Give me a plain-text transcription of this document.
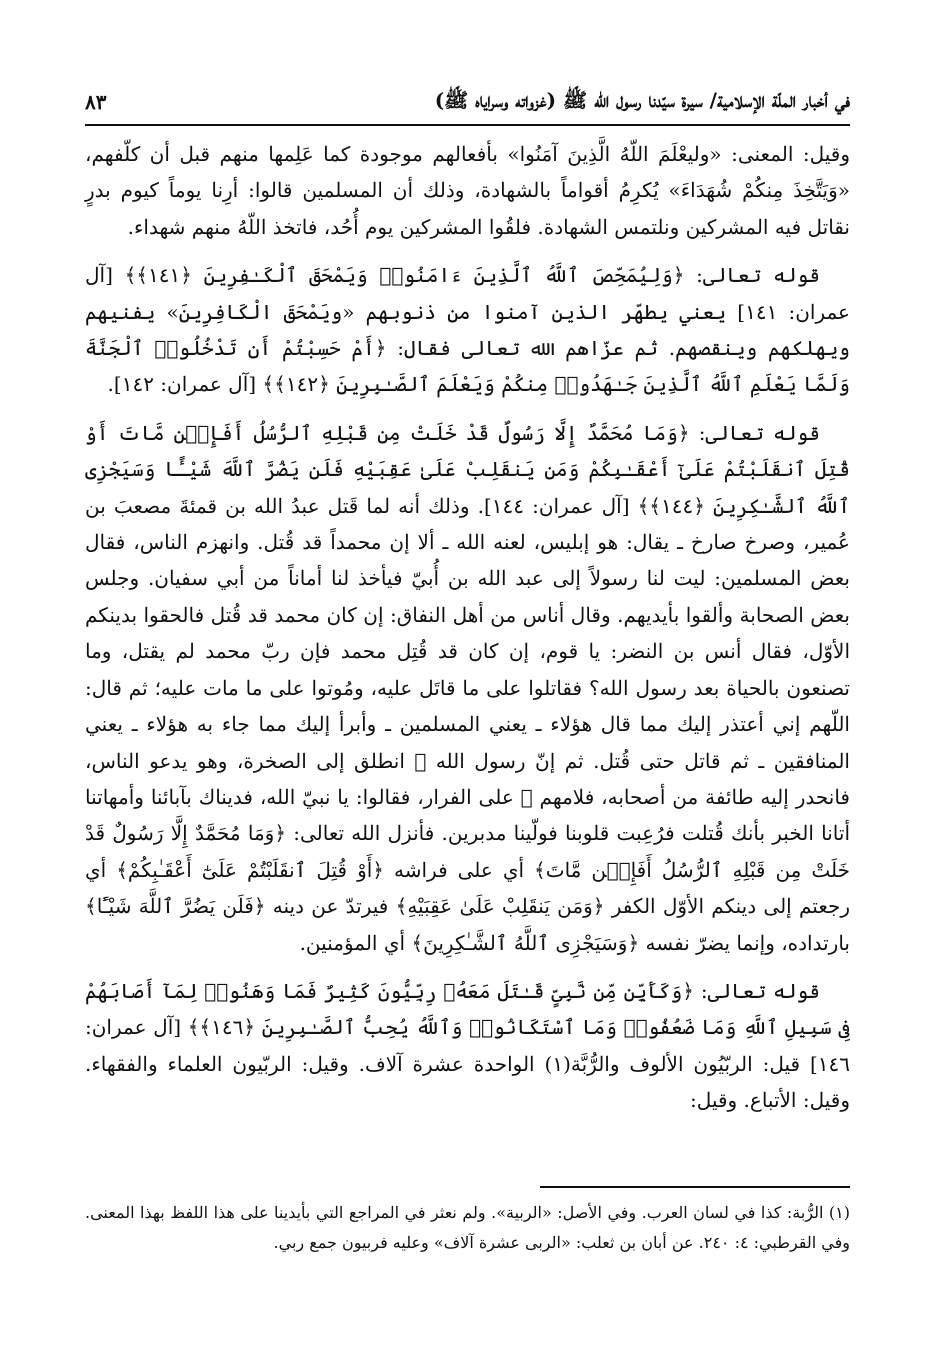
في أخبار الملّة الإسلامية/ سيرة سيّدنا رسول الله ﷺ (غزواته وسراياه ﷺ)
٨٣

وقيل: المعنى: «وليعْلَمَ اللّهُ الَّذِينَ آمَنُوا» بأفعالهم موجودة كما عَلِمها منهم قبل أن كلّفهم، «وَيَتَّخِذَ مِنكُمْ شُهَدَاءَ» يُكرِمُ أقواماً بالشهادة، وذلك أن المسلمين قالوا: أرِنا يوماً كيوم بدرٍ نقاتل فيه المشركين ونلتمس الشهادة. فلقُوا المشركين يوم أُحُد، فاتخذ اللّهُ منهم شهداء.

قوله تعالى: ﴿وَلِيُمَحِّصَ ٱللَّهُ ٱلَّذِينَ ءَامَنُوا۟ وَيَمْحَقَ ٱلْكَـٰفِرِينَ ﴿١٤١﴾﴾ [آل عمران: ١٤١] يعني يطهّر الذين آمنوا من ذنوبهم «ويَمْحَقَ الْكَافِرِينَ» يفنيهم ويهلكهم وينقصهم. ثم عزّاهم الله تعالى فقال: ﴿أَمْ حَسِبْتُمْ أَن تَدْخُلُوا۟ ٱلْجَنَّةَ وَلَمَّا يَعْلَمِ ٱللَّهُ ٱلَّذِينَ جَـٰهَدُوا۟ مِنكُمْ وَيَعْلَمَ ٱلصَّـٰبِرِينَ ﴿١٤٢﴾﴾ [آل عمران: ١٤٢].

قوله تعالى: ﴿وَمَا مُحَمَّدٌ إِلَّا رَسُولٌ قَدْ خَلَتْ مِن قَبْلِهِ ٱلرُّسُلُ أَفَإِي۟ن مَّاتَ أَوْ قُتِلَ ٱنقَلَبْتُمْ عَلَىٰٓ أَعْقَـٰبِكُمْ وَمَن يَنقَلِبْ عَلَىٰ عَقِبَيْهِ فَلَن يَضُرَّ ٱللَّهَ شَيْـًٔا وَسَيَجْزِى ٱللَّهُ ٱلشَّـٰكِرِينَ ﴿١٤٤﴾﴾ [آل عمران: ١٤٤]. وذلك أنه لما قَتل عبدُ الله بن قمئةَ مصعبَ بن عُمير، وصرخ صارخ ـ يقال: هو إبليس، لعنه الله ـ ألا إن محمداً قد قُتل. وانهزم الناس، فقال بعض المسلمين: ليت لنا رسولاً إلى عبد الله بن أُبيّ فيأخذ لنا أماناً من أبي سفيان. وجلس بعض الصحابة وألقوا بأيديهم. وقال أناس من أهل النفاق: إن كان محمد قد قُتل فالحقوا بدينكم الأوّل، فقال أنس بن النضر: يا قوم، إن كان قد قُتِل محمد فإن ربّ محمد لم يقتل، وما تصنعون بالحياة بعد رسول الله؟ فقاتلوا على ما قاتَل عليه، ومُوتوا على ما مات عليه؛ ثم قال: اللّهم إني أعتذر إليك مما قال هؤلاء ـ يعني المسلمين ـ وأبرأ إليك مما جاء به هؤلاء ـ يعني المنافقين ـ ثم قاتل حتى قُتل. ثم إنّ رسول الله ﷺ انطلق إلى الصخرة، وهو يدعو الناس، فانحدر إليه طائفة من أصحابه، فلامهم ﷺ على الفرار، فقالوا: يا نبيّ الله، فديناك بآبائنا وأمهاتنا أتانا الخبر بأنك قُتلت فرُعِبت قلوبنا فولّينا مدبرين. فأنزل الله تعالى: ﴿وَمَا مُحَمَّدٌ إِلَّا رَسُولٌ قَدْ خَلَتْ مِن قَبْلِهِ ٱلرُّسُلُ أَفَإِي۟ن مَّاتَ﴾ أي على فراشه ﴿أَوْ قُتِلَ ٱنقَلَبْتُمْ عَلَىٰٓ أَعْقَـٰبِكُمْ﴾ أي رجعتم إلى دينكم الأوّل الكفر ﴿وَمَن يَنقَلِبْ عَلَىٰ عَقِبَيْهِ﴾ فيرتدّ عن دينه ﴿فَلَن يَضُرَّ ٱللَّهَ شَيْـًٔا﴾ بارتداده، وإنما يضرّ نفسه ﴿وَسَيَجْزِى ٱللَّهُ ٱلشَّـٰكِرِينَ﴾ أي المؤمنين.

قوله تعالى: ﴿وَكَأَيِّن مِّن نَّبِىٍّ قَـٰتَلَ مَعَهُۥ رِبِّيُّونَ كَثِيرٌ فَمَا وَهَنُوا۟ لِمَآ أَصَابَهُمْ فِى سَبِيلِ ٱللَّهِ وَمَا ضَعُفُوا۟ وَمَا ٱسْتَكَانُوا۟ وَٱللَّهُ يُحِبُّ ٱلصَّـٰبِرِينَ ﴿١٤٦﴾﴾ [آل عمران: ١٤٦] قيل: الربّيُون الألوف والرُّبَّة(١) الواحدة عشرة آلاف. وقيل: الربّيون العلماء والفقهاء. وقيل: الأتباع. وقيل:

(١) الرُّبة: كذا في لسان العرب. وفي الأصل: «الربية». ولم نعثر في المراجع التي بأيدينا على هذا اللفظ بهذا المعنى. وفي القرطبي: ٤: ٢٤٠. عن أبان بن ثعلب: «الربى عشرة آلاف» وعليه فربيون جمع ربي.
